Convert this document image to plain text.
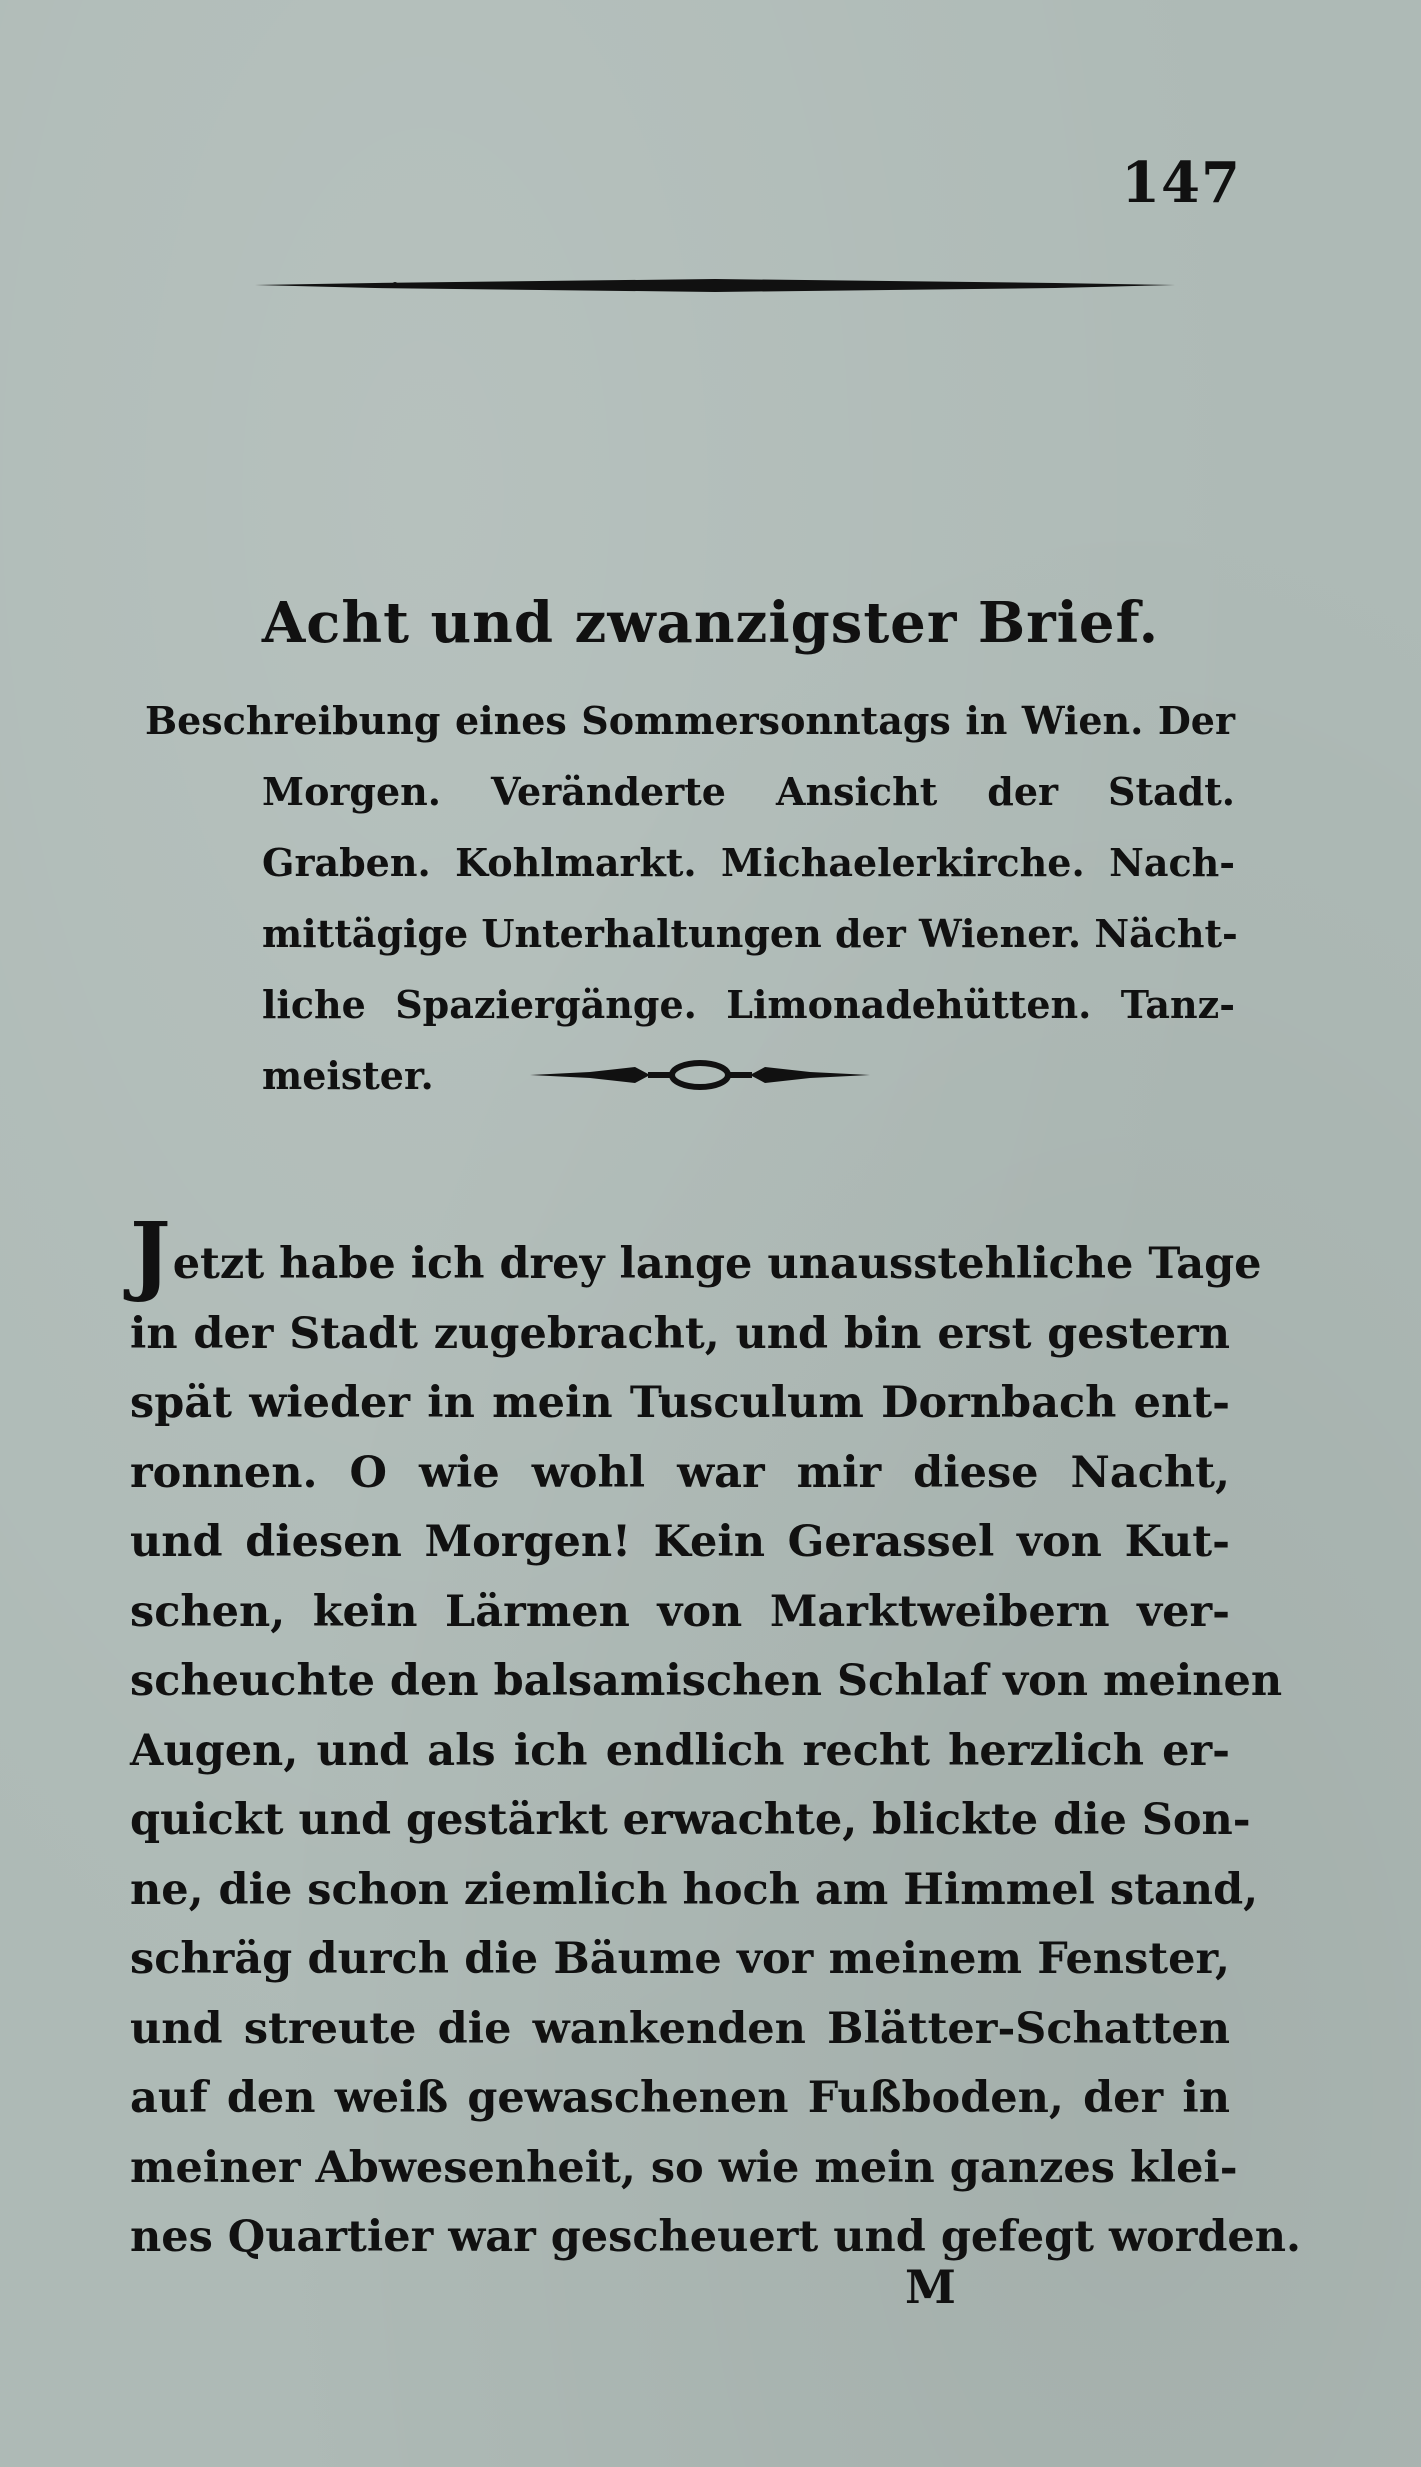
147
Acht und zwanzigster Brief.
Beschreibung eines Sommersonntags in Wien. Der
Morgen. Veränderte Ansicht der Stadt.
Graben. Kohlmarkt. Michaelerkirche. Nach-
mittägige Unterhaltungen der Wiener. Nächt-
liche Spaziergänge. Limonadehütten. Tanz-
meister.
Jetzt habe ich drey lange unausstehliche Tage
in der Stadt zugebracht, und bin erst gestern
spät wieder in mein Tusculum Dornbach ent-
ronnen. O wie wohl war mir diese Nacht,
und diesen Morgen! Kein Gerassel von Kut-
schen, kein Lärmen von Marktweibern ver-
scheuchte den balsamischen Schlaf von meinen
Augen, und als ich endlich recht herzlich er-
quickt und gestärkt erwachte, blickte die Son-
ne, die schon ziemlich hoch am Himmel stand,
schräg durch die Bäume vor meinem Fenster,
und streute die wankenden Blätter-Schatten
auf den weiß gewaschenen Fußboden, der in
meiner Abwesenheit, so wie mein ganzes klei-
nes Quartier war gescheuert und gefegt worden.
M
